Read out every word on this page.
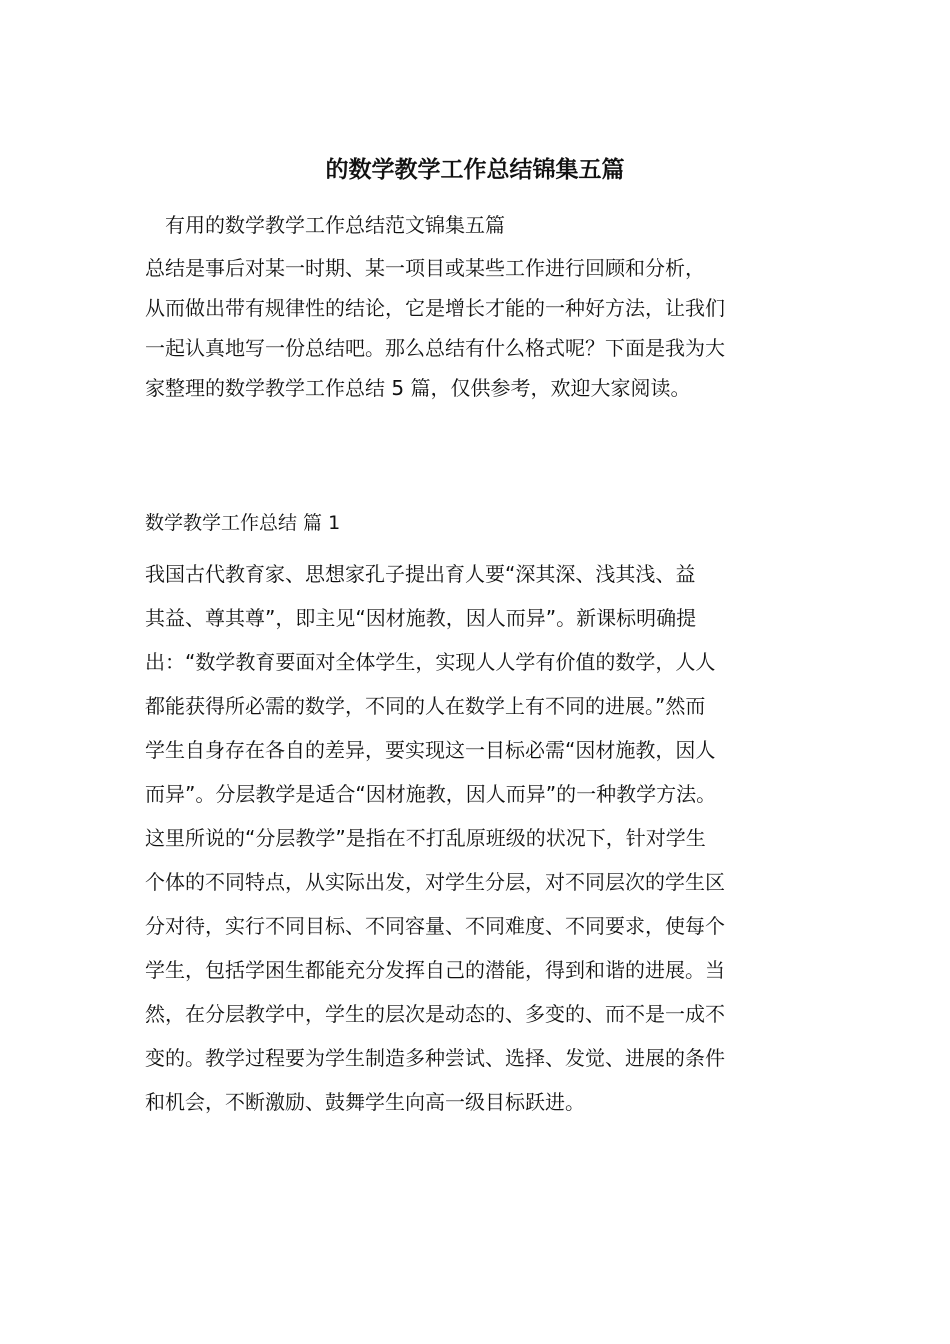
的数学教学工作总结锦集五篇
有用的数学教学工作总结范文锦集五篇
总结是事后对某一时期、某一项目或某些工作进行回顾和分析，
从而做出带有规律性的结论，它是增长才能的一种好方法，让我们
一起认真地写一份总结吧。那么总结有什么格式呢？下面是我为大
家整理的数学教学工作总结 5 篇，仅供参考，欢迎大家阅读。
数学教学工作总结 篇 1
我国古代教育家、思想家孔子提出育人要“深其深、浅其浅、益
其益、尊其尊”，即主见“因材施教，因人而异”。新课标明确提
出：“数学教育要面对全体学生，实现人人学有价值的数学，人人
都能获得所必需的数学，不同的人在数学上有不同的进展。”然而
学生自身存在各自的差异，要实现这一目标必需“因材施教，因人
而异”。分层教学是适合“因材施教，因人而异”的一种教学方法。
这里所说的“分层教学”是指在不打乱原班级的状况下，针对学生
个体的不同特点，从实际出发，对学生分层，对不同层次的学生区
分对待，实行不同目标、不同容量、不同难度、不同要求，使每个
学生，包括学困生都能充分发挥自己的潜能，得到和谐的进展。当
然，在分层教学中，学生的层次是动态的、多变的、而不是一成不
变的。教学过程要为学生制造多种尝试、选择、发觉、进展的条件
和机会，不断激励、鼓舞学生向高一级目标跃进。
